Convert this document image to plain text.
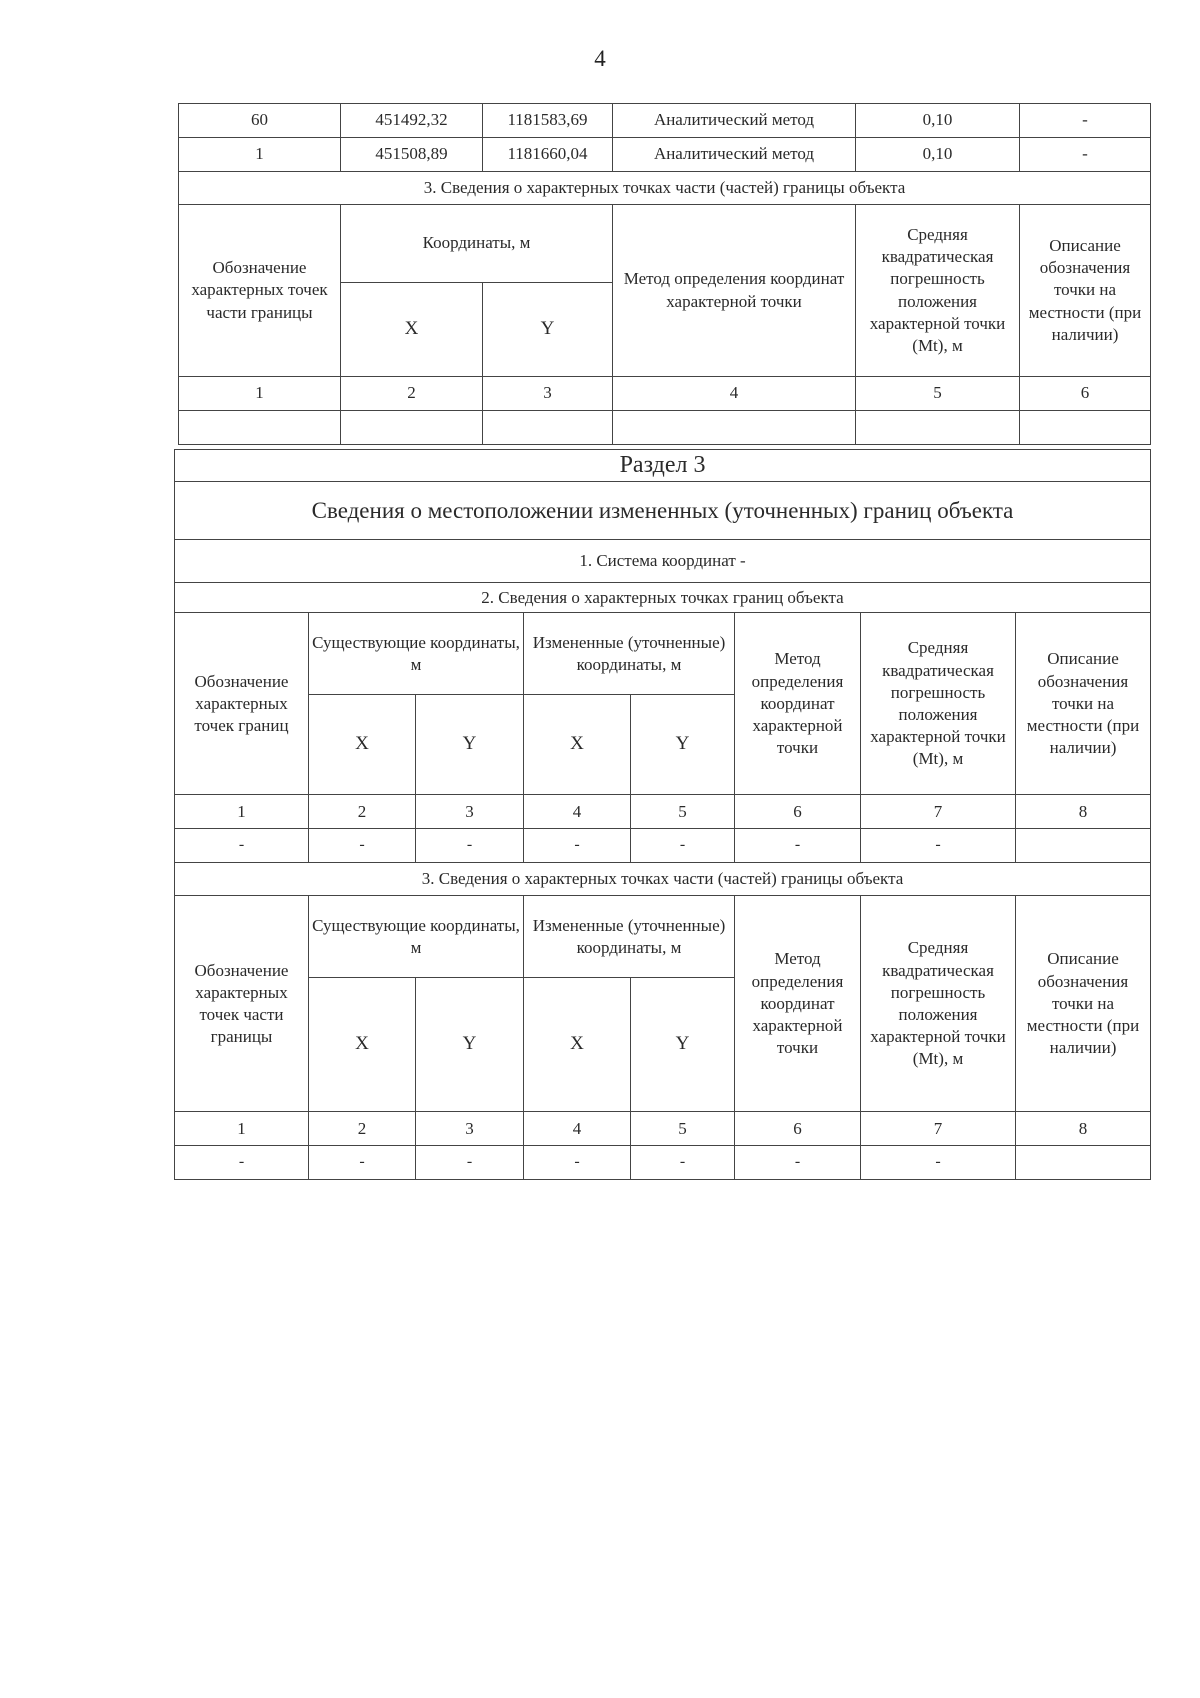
4
60	451492,32	1181583,69	Аналитический метод	0,10	-
1	451508,89	1181660,04	Аналитический метод	0,10	-
3. Сведения о характерных точках части (частей) границы объекта					
Обозначение характерных точек части границы	Координаты, м		Метод определения координат характерной точки	Средняя квадратическая погрешность положения характерной точки (Mt), м	Описание обозначения точки на местности (при наличии)
	X	Y			
1	2	3	4	5	6

Раздел 3							
Сведения о местоположении измененных (уточненных) границ объекта							
1. Система координат -							
2. Сведения о характерных точках границ объекта							
Обозначение характерных точек границ	Существующие координаты, м		Измененные (уточненные) координаты, м		Метод определения координат характерной точки	Средняя квадратическая погрешность положения характерной точки (Mt), м	Описание обозначения точки на местности (при наличии)
	X	Y	X	Y			
1	2	3	4	5	6	7	8
-	-	-	-	-	-	-	
3. Сведения о характерных точках части (частей) границы объекта							
Обозначение характерных точек части границы	Существующие координаты, м		Измененные (уточненные) координаты, м		Метод определения координат характерной точки	Средняя квадратическая погрешность положения характерной точки (Mt), м	Описание обозначения точки на местности (при наличии)
	X	Y	X	Y			
1	2	3	4	5	6	7	8
-	-	-	-	-	-	-	
